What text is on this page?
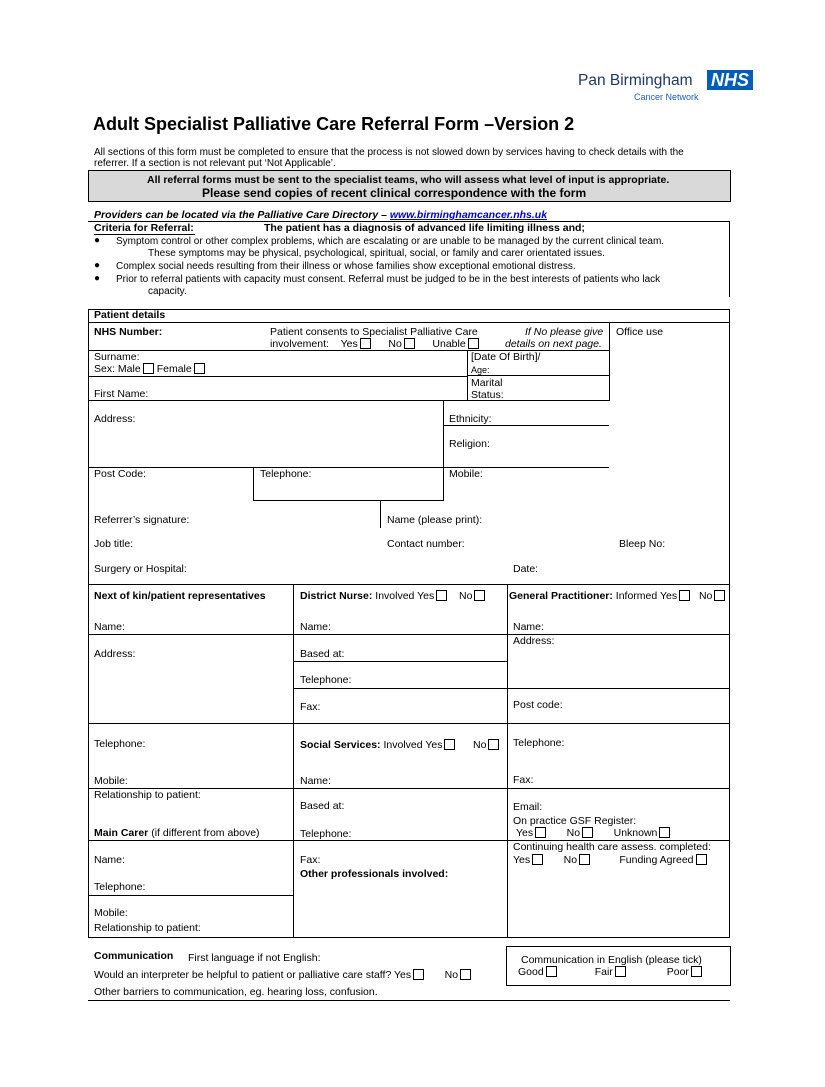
Pan Birmingham NHS
Cancer Network
Adult Specialist Palliative Care Referral Form –Version 2
All sections of this form must be completed to ensure that the process is not slowed down by services having to check details with the
referrer. If a section is not relevant put ‘Not Applicable’.
All referral forms must be sent to the specialist teams, who will assess what level of input is appropriate.
Please send copies of recent clinical correspondence with the form
Providers can be located via the Palliative Care Directory – www.birminghamcancer.nhs.uk
Criteria for Referral:	The patient has a diagnosis of advanced life limiting illness and;
● Symptom control or other complex problems, which are escalating or are unable to be managed by the current clinical team.
These symptoms may be physical, psychological, spiritual, social, or family and carer orientated issues.
● Complex social needs resulting from their illness or whose families show exceptional emotional distress.
● Prior to referral patients with capacity must consent. Referral must be judged to be in the best interests of patients who lack
capacity.
Patient details
NHS Number:	Patient consents to Specialist Palliative Care
involvement: Yes	No	Unable
If No please give
details on next page.
Office use
Surname:
Sex: Male Female
[Date Of Birth]/
Age:
Marital
Status:
First Name:
Address:	Ethnicity:
Religion:
Post Code:	Telephone:	Mobile:
Referrer’s signature:	Name (please print):
Job title:	Contact number:	Bleep No:
Surgery or Hospital:	Date:
Next of kin/patient representatives
Name:
Address:
Telephone:
Mobile:
Relationship to patient:
Main Carer (if different from above)
Name:
Telephone:
Mobile:
Relationship to patient:
District Nurse: Involved Yes No
Name:
Based at:
Telephone:
Fax:
Social Services: Involved Yes	No
Name:
Based at:
Telephone:
Fax:
Other professionals involved:
General Practitioner: Informed Yes No
Name:
Address:
Post code:
Telephone:
Fax:
Email:
On practice GSF Register:
Yes	No	Unknown
Continuing health care assess. completed:
Yes	No	Funding Agreed
Communication First language if not English:
Would an interpreter be helpful to patient or palliative care staff? Yes	No
Other barriers to communication, eg. hearing loss, confusion.
Communication in English (please tick)
Good	Fair	Poor
